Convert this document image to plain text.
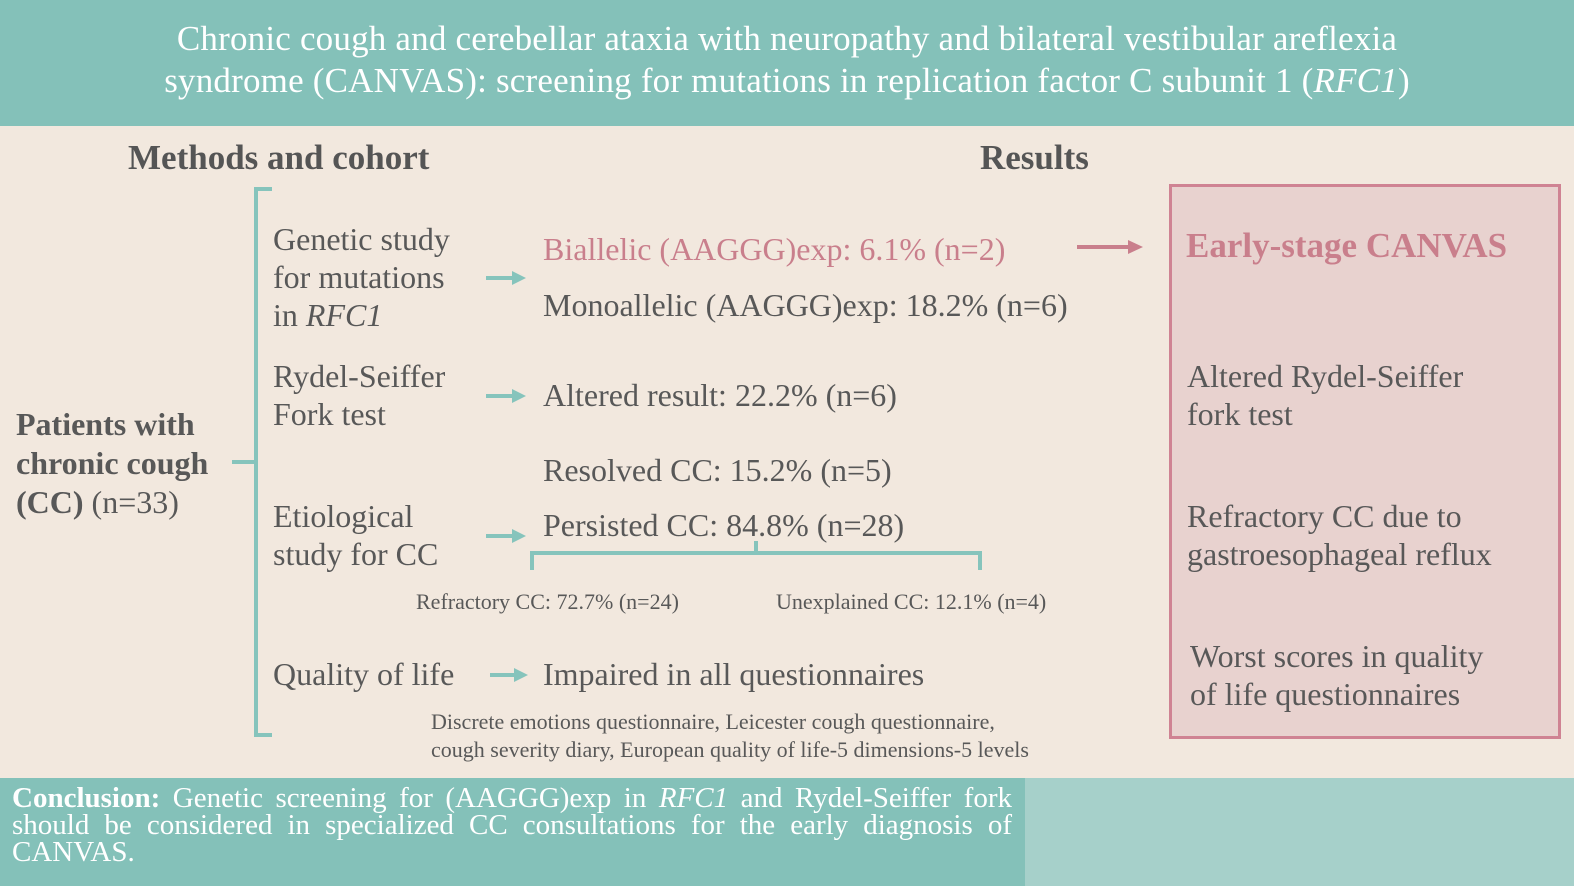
Chronic cough and cerebellar ataxia with neuropathy and bilateral vestibular areflexia
syndrome (CANVAS): screening for mutations in replication factor C subunit 1 (RFC1)
Methods and cohort	Results
Patients with
chronic cough
(CC) (n=33)
Genetic study
for mutations
in RFC1
Rydel-Seiffer
Fork test
Etiological
study for CC
Quality of life
Biallelic (AAGGG)exp: 6.1% (n=2)
Monoallelic (AAGGG)exp: 18.2% (n=6)
Altered result: 22.2% (n=6)
Resolved CC: 15.2% (n=5)
Persisted CC: 84.8% (n=28)
Refractory CC: 72.7% (n=24)	Unexplained CC: 12.1% (n=4)
Impaired in all questionnaires
Discrete emotions questionnaire, Leicester cough questionnaire,
cough severity diary, European quality of life-5 dimensions-5 levels
Early-stage CANVAS
Altered Rydel-Seiffer
fork test
Refractory CC due to
gastroesophageal reflux
Worst scores in quality
of life questionnaires
Conclusion: Genetic screening for (AAGGG)exp in RFC1 and Rydel-Seiffer fork should be considered in specialized CC consultations for the early diagnosis of CANVAS.
